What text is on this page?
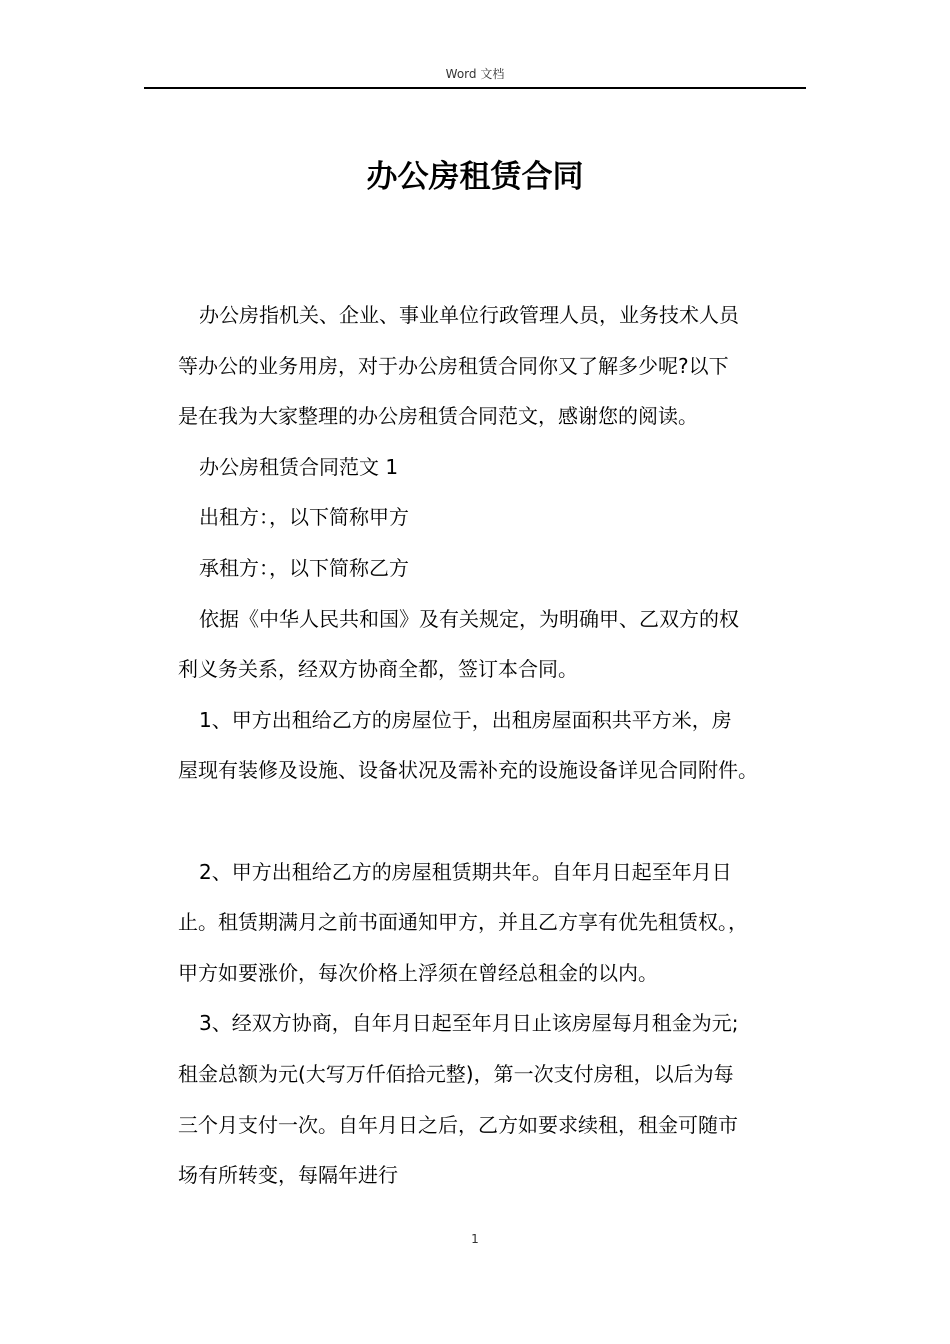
Word 文档
办公房租赁合同

办公房指机关、企业、事业单位行政管理人员，业务技术人员
等办公的业务用房，对于办公房租赁合同你又了解多少呢?以下
是在我为大家整理的办公房租赁合同范文，感谢您的阅读。

办公房租赁合同范文 1

出租方：，以下简称甲方

承租方：，以下简称乙方

依据《中华人民共和国》及有关规定，为明确甲、乙双方的权
利义务关系，经双方协商全都，签订本合同。

1、甲方出租给乙方的房屋位于，出租房屋面积共平方米，房
屋现有装修及设施、设备状况及需补充的设施设备详见合同附件。

2、甲方出租给乙方的房屋租赁期共年。自年月日起至年月日
止。租赁期满月之前书面通知甲方，并且乙方享有优先租赁权。，
甲方如要涨价，每次价格上浮须在曾经总租金的以内。

3、经双方协商，自年月日起至年月日止该房屋每月租金为元;
租金总额为元(大写万仟佰拾元整)，第一次支付房租，以后为每
三个月支付一次。自年月日之后，乙方如要求续租，租金可随市
场有所转变，每隔年进行

1
